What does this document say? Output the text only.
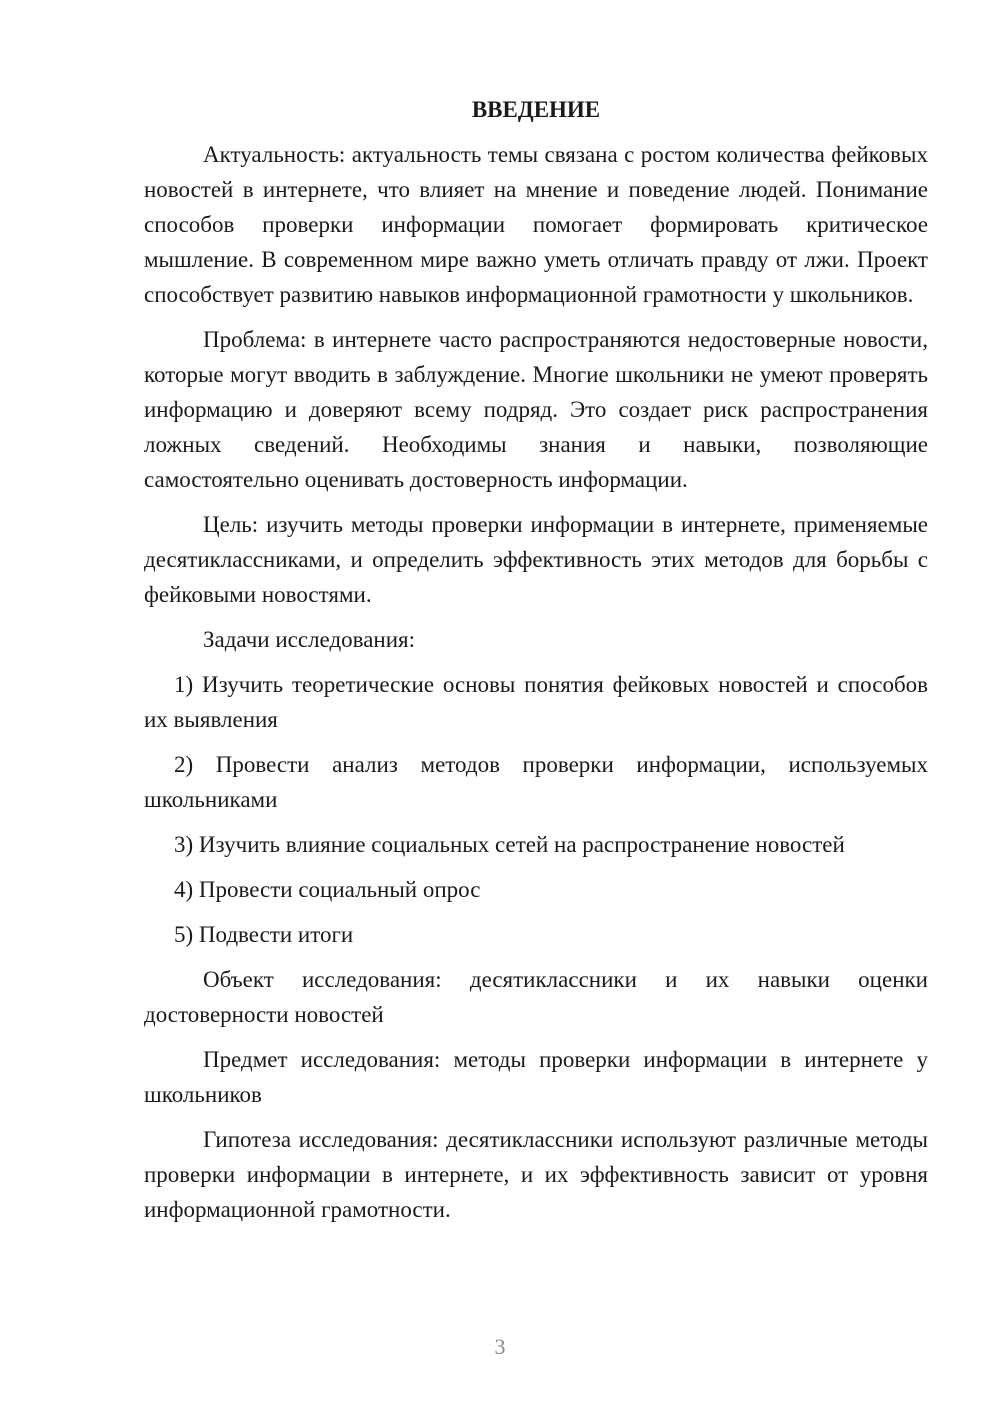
ВВЕДЕНИЕ

Актуальность: актуальность темы связана с ростом количества фейковых новостей в интернете, что влияет на мнение и поведение людей. Понимание способов проверки информации помогает формировать критическое мышление. В современном мире важно уметь отличать правду от лжи. Проект способствует развитию навыков информационной грамотности у школьников.

Проблема: в интернете часто распространяются недостоверные новости, которые могут вводить в заблуждение. Многие школьники не умеют проверять информацию и доверяют всему подряд. Это создает риск распространения ложных сведений. Необходимы знания и навыки, позволяющие самостоятельно оценивать достоверность информации.

Цель: изучить методы проверки информации в интернете, применяемые десятиклассниками, и определить эффективность этих методов для борьбы с фейковыми новостями.

Задачи исследования:

1) Изучить теоретические основы понятия фейковых новостей и способов их выявления

2) Провести анализ методов проверки информации, используемых школьниками

3) Изучить влияние социальных сетей на распространение новостей

4) Провести социальный опрос

5) Подвести итоги

Объект исследования: десятиклассники и их навыки оценки достоверности новостей

Предмет исследования: методы проверки информации в интернете у школьников

Гипотеза исследования: десятиклассники используют различные методы проверки информации в интернете, и их эффективность зависит от уровня информационной грамотности.

3
